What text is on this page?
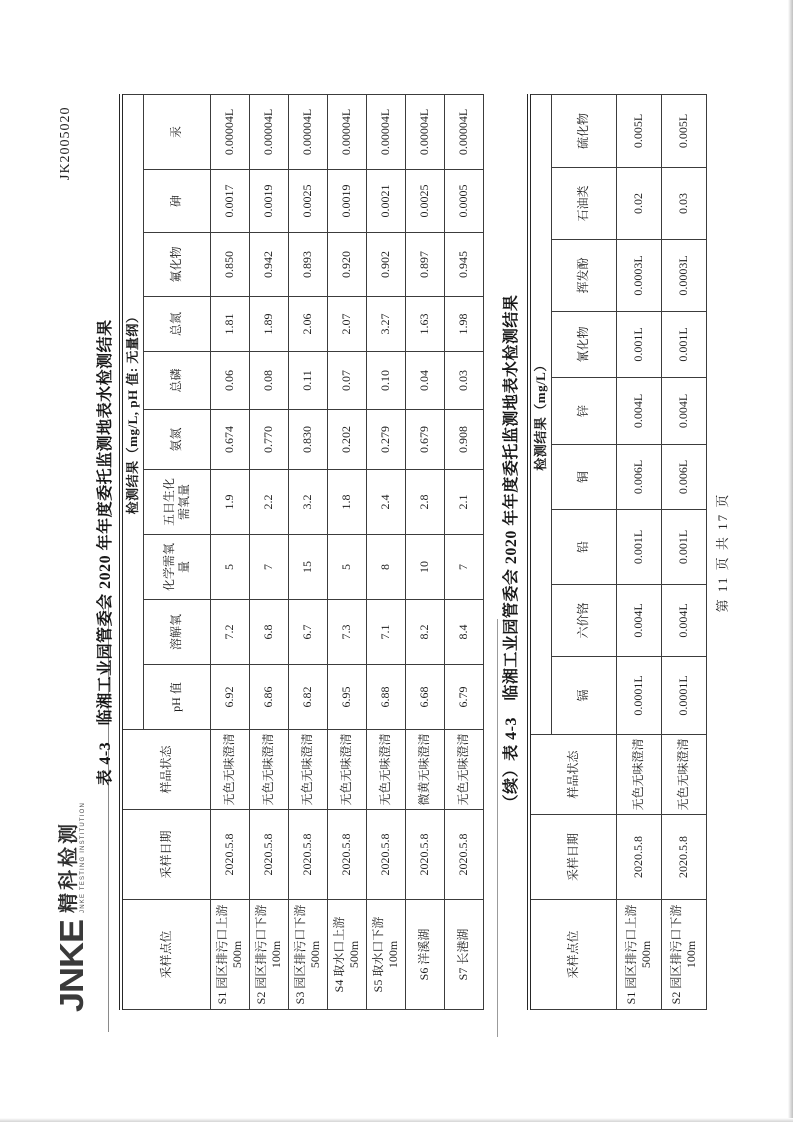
JNKE
精科检测 JNKE TESTING INSTITUTION
JK2005020
表 4-3　临湘工业园管委会 2020 年年度委托监测地表水检测结果
采样点位	采样日期	样品状态	检测结果（mg/L, pH 值: 无量纲）									
			pH 值	溶解氧	化学需氧量	五日生化需氧量	氨氮	总磷	总氮	氟化物	砷	汞
S1 园区排污口上游 500m	2020.5.8	无色无味澄清	6.92	7.2	5	1.9	0.674	0.06	1.81	0.850	0.0017	0.00004L
S2 园区排污口下游 100m	2020.5.8	无色无味澄清	6.86	6.8	7	2.2	0.770	0.08	1.89	0.942	0.0019	0.00004L
S3 园区排污口下游 500m	2020.5.8	无色无味澄清	6.82	6.7	15	3.2	0.830	0.11	2.06	0.893	0.0025	0.00004L
S4 取水口上游 500m	2020.5.8	无色无味澄清	6.95	7.3	5	1.8	0.202	0.07	2.07	0.920	0.0019	0.00004L
S5 取水口下游 100m	2020.5.8	无色无味澄清	6.88	7.1	8	2.4	0.279	0.10	3.27	0.902	0.0021	0.00004L
S6 洋溪湖	2020.5.8	微黄无味澄清	6.68	8.2	10	2.8	0.679	0.04	1.63	0.897	0.0025	0.00004L
S7 长港湖	2020.5.8	无色无味澄清	6.79	8.4	7	2.1	0.908	0.03	1.98	0.945	0.0005	0.00004L
（续）表 4-3　临湘工业园管委会 2020 年年度委托监测地表水检测结果
采样点位	采样日期	样品状态	检测结果（mg/L）								
			镉	六价铬	铅	铜	锌	氰化物	挥发酚	石油类	硫化物
S1 园区排污口上游 500m	2020.5.8	无色无味澄清	0.0001L	0.004L	0.001L	0.006L	0.004L	0.001L	0.0003L	0.02	0.005L
S2 园区排污口下游 100m	2020.5.8	无色无味澄清	0.0001L	0.004L	0.001L	0.006L	0.004L	0.001L	0.0003L	0.03	0.005L
第 11 页 共 17 页
